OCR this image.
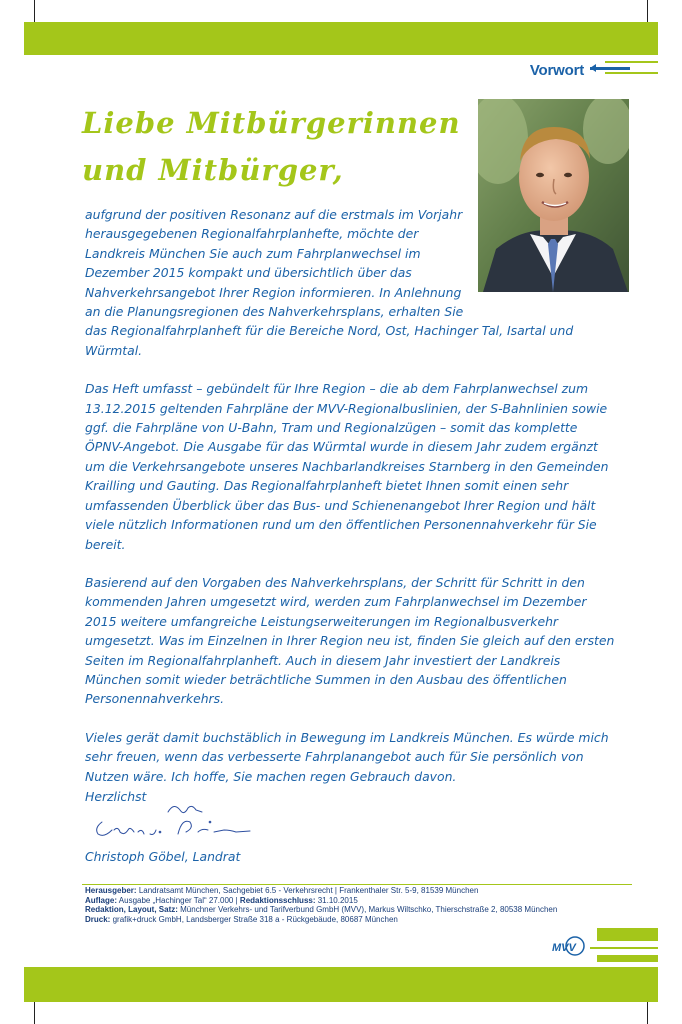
Vorwort
Liebe Mitbürgerinnen
und Mitbürger,

aufgrund der positiven Resonanz auf die erstmals im Vorjahr herausgegebenen Regionalfahrplanhefte, möchte der Landkreis München Sie auch zum Fahrplanwechsel im Dezember 2015 kompakt und übersichtlich über das Nahverkehrsangebot Ihrer Region informieren. In Anlehnung an die Planungsregionen des Nahverkehrsplans, erhalten Sie

das Regionalfahrplanheft für die Bereiche Nord, Ost, Hachinger Tal, Isartal und Würmtal.

Das Heft umfasst – gebündelt für Ihre Region – die ab dem Fahrplanwechsel zum 13.12.2015 geltenden Fahrpläne der MVV-Regionalbuslinien, der S-Bahnlinien sowie ggf. die Fahrpläne von U-Bahn, Tram und Regionalzügen – somit das komplette ÖPNV-Angebot. Die Ausgabe für das Würmtal wurde in diesem Jahr zudem ergänzt um die Verkehrsangebote unseres Nachbarlandkreises Starnberg in den Gemeinden Krailling und Gauting. Das Regionalfahrplanheft bietet Ihnen somit einen sehr umfassenden Überblick über das Bus- und Schienenangebot Ihrer Region und hält viele nützlich Informationen rund um den öffentlichen Personennahverkehr für Sie bereit.

Basierend auf den Vorgaben des Nahverkehrsplans, der Schritt für Schritt in den kommenden Jahren umgesetzt wird, werden zum Fahrplanwechsel im Dezember 2015 weitere umfangreiche Leistungserweiterungen im Regionalbusverkehr umgesetzt. Was im Einzelnen in Ihrer Region neu ist, finden Sie gleich auf den ersten Seiten im Regionalfahrplanheft. Auch in diesem Jahr investiert der Landkreis München somit wieder beträchtliche Summen in den Ausbau des öffentlichen Personennahverkehrs.

Vieles gerät damit buchstäblich in Bewegung im Landkreis München. Es würde mich sehr freuen, wenn das verbesserte Fahrplanangebot auch für Sie persönlich von Nutzen wäre. Ich hoffe, Sie machen regen Gebrauch davon.

Herzlichst
Christoph Göbel, Landrat
Herausgeber: Landratsamt München, Sachgebiet 6.5 - Verkehrsrecht | Frankenthaler Str. 5-9, 81539 München
Auflage: Ausgabe „Hachinger Tal“ 27.000 | Redaktionsschluss: 31.10.2015
Redaktion, Layout, Satz: Münchner Verkehrs- und Tarifverbund GmbH (MVV), Markus Wiltschko, Thierschstraße 2, 80538 München
Druck: grafik+druck GmbH, Landsberger Straße 318 a - Rückgebäude, 80687 München
MVV
